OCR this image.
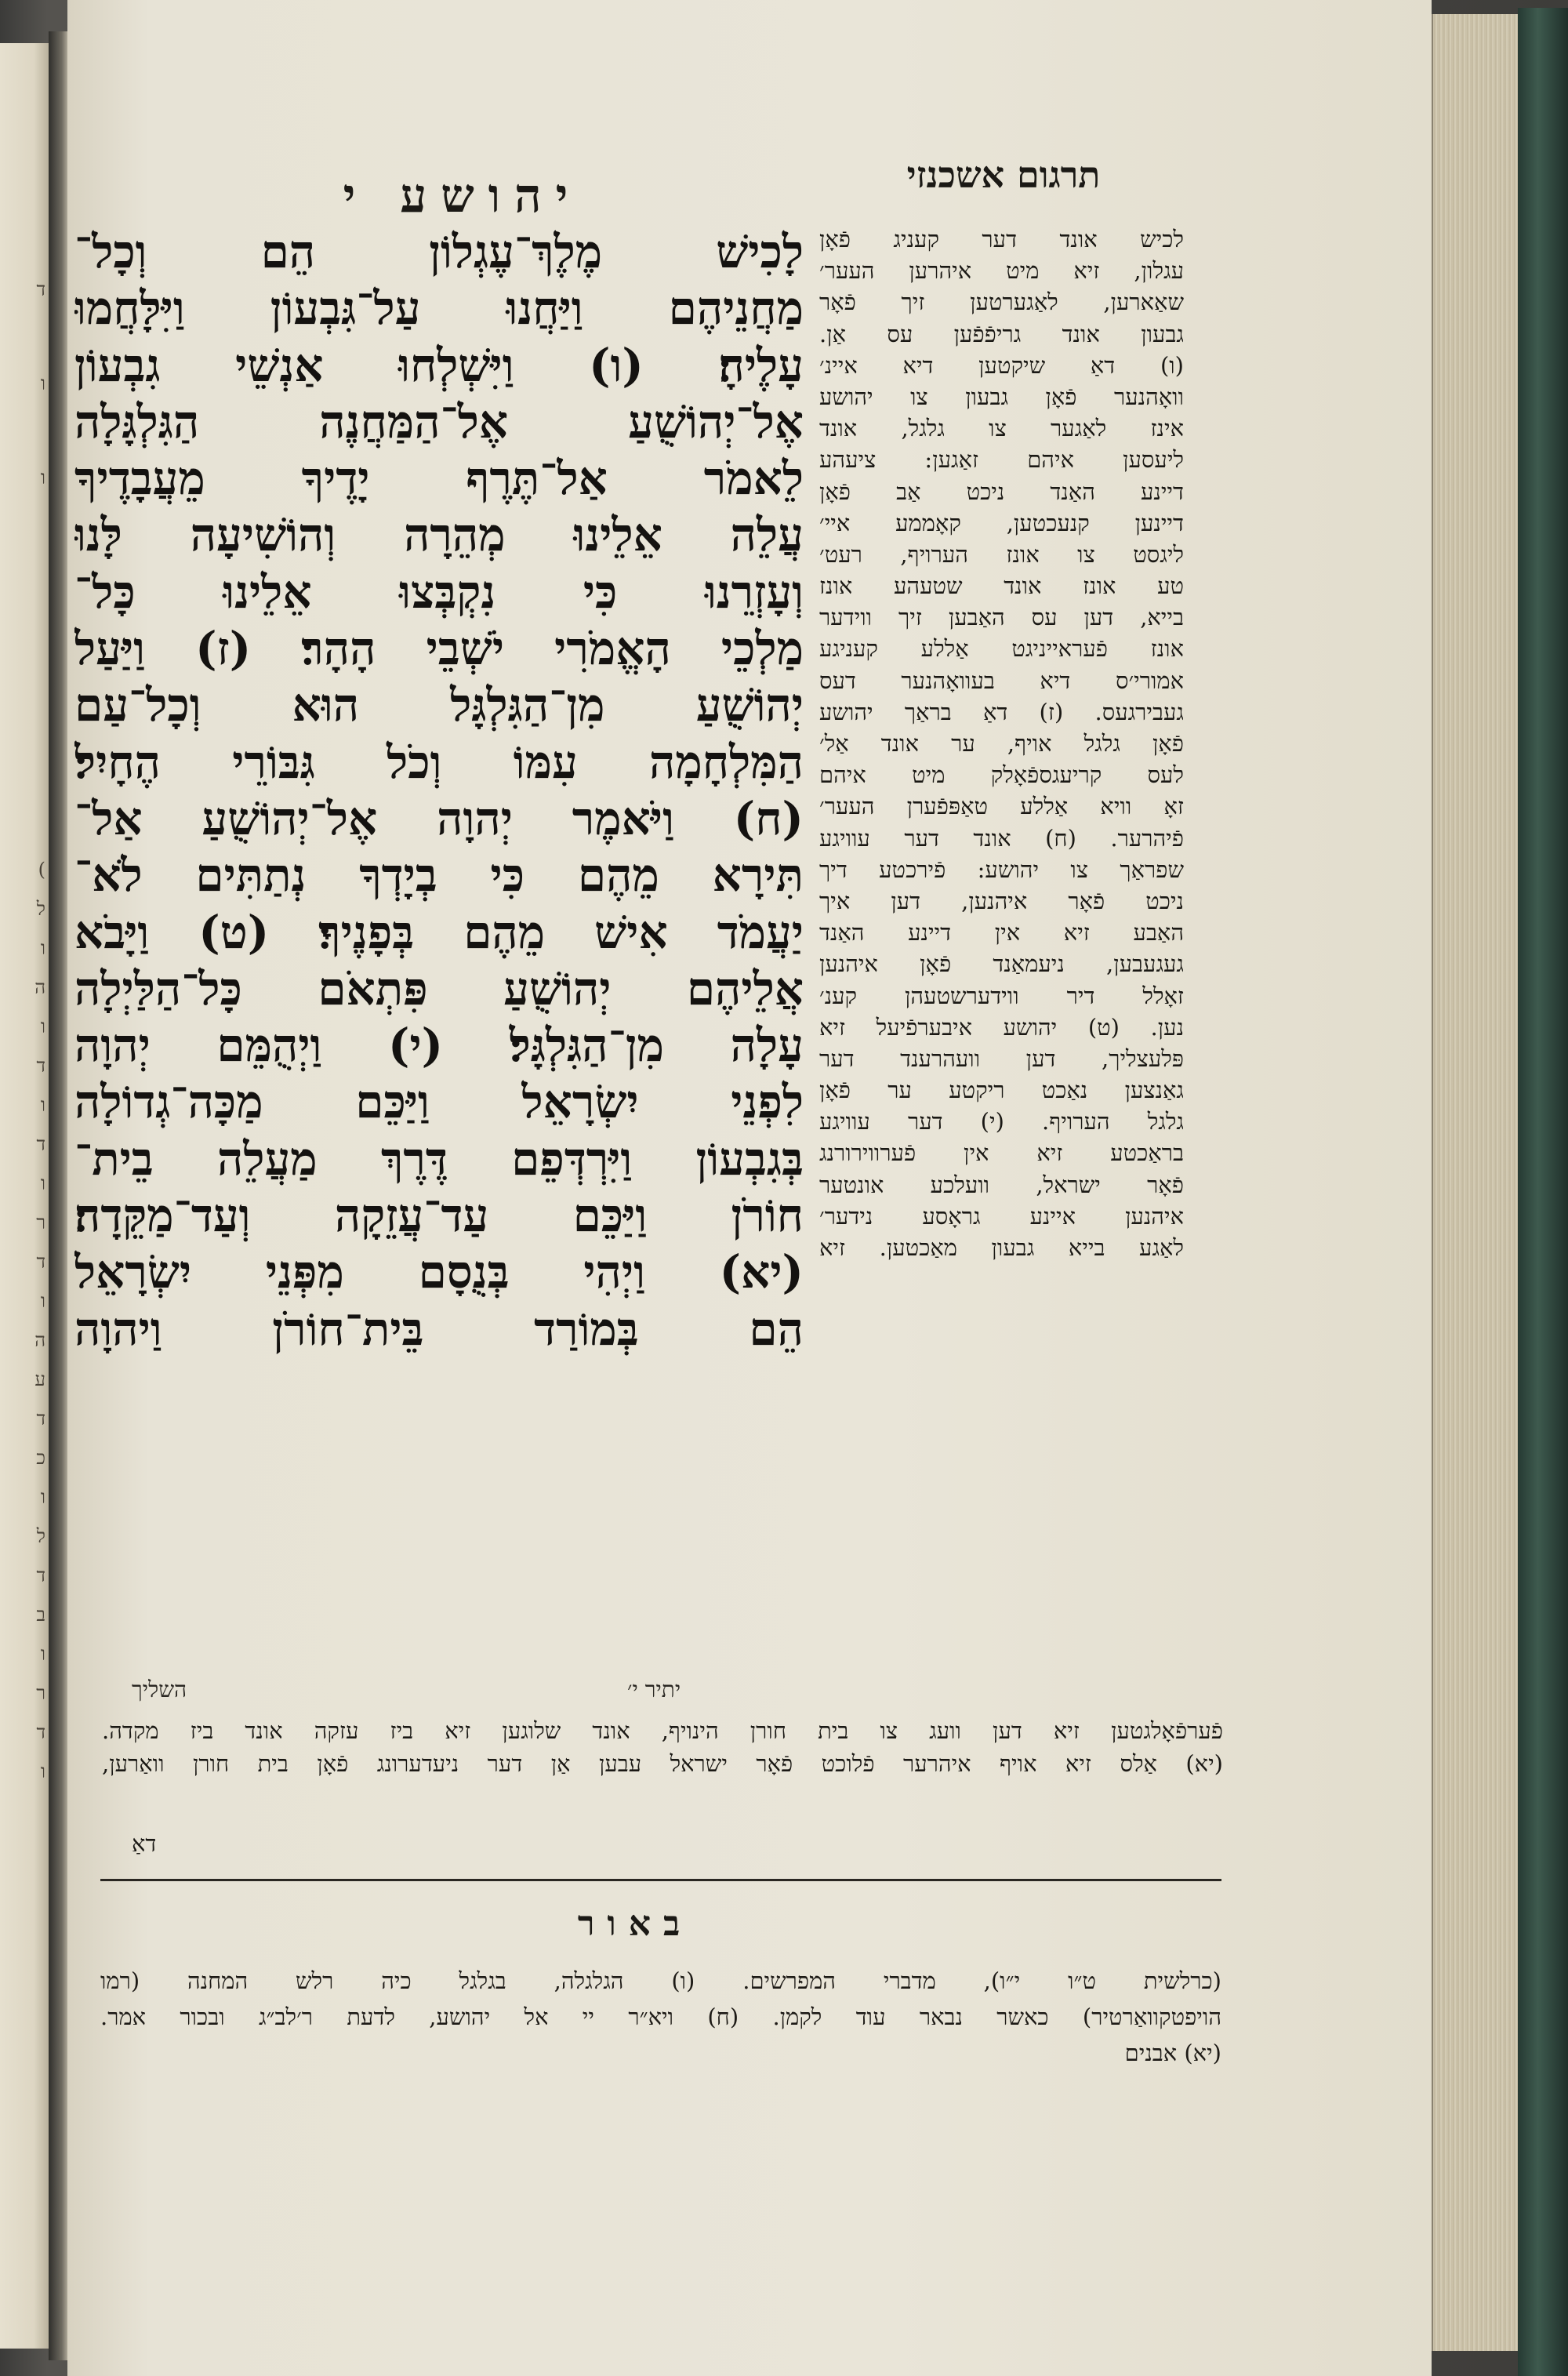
ד
ו
ו
(
ל
ו
ה
ו
ד
ו
ד
ו
ר
ד
ו
ה
ע
ד
כ
ו
ל
ד
ב
ו
ר
ד
ו
תרגום אשכנזי
יהושע י
לָכִישׁ מֶלֶךְ־עֶגְלוֹן הֵם וְכָל־
מַחֲנֵיהֶם וַיַּחֲנוּ עַל־גִּבְעוֹן וַיִּלָּחֲמוּ
עָלֶיהָ׃ (ו) וַיִּשְׁלְחוּ אַנְשֵׁי גִבְעוֹן
אֶל־יְהוֹשֻׁעַ אֶל־הַמַּחֲנֶה הַגִּלְגָּלָה
לֵאמֹר אַל־תֶּרֶף יָדֶיךָ מֵעֲבָדֶיךָ
עֲלֵה אֵלֵינוּ מְהֵרָה וְהוֹשִׁיעָה לָּנוּ
וְעָזְרֵנוּ כִּי נִקְבְּצוּ אֵלֵינוּ כָּל־
מַלְכֵי הָאֱמֹרִי יֹשְׁבֵי הָהָר׃ (ז) וַיַּעַל
יְהוֹשֻׁעַ מִן־הַגִּלְגָּל הוּא וְכָל־עַם
הַמִּלְחָמָה עִמּוֹ וְכֹל גִּבּוֹרֵי הֶחָיִל׃
(ח) וַיֹּאמֶר יְהוָה אֶל־יְהוֹשֻׁעַ אַל־
תִּירָא מֵהֶם כִּי בְיָדְךָ נְתַתִּים לֹא־
יַעֲמֹד אִישׁ מֵהֶם בְּפָנֶיךָ׃ (ט) וַיָּבֹא
אֲלֵיהֶם יְהוֹשֻׁעַ פִּתְאֹם כָּל־הַלַּיְלָה
עָלָה מִן־הַגִּלְגָּל׃ (י) וַיְהֻמֵּם יְהוָה
לִפְנֵי יִשְׂרָאֵל וַיַּכֵּם מַכָּה־גְדוֹלָה
בְּגִבְעוֹן וַיִּרְדְּפֵם דֶּרֶךְ מַעֲלֵה בֵית־
חוֹרֹן וַיַּכֵּם עַד־עֲזֵקָה וְעַד־מַקֵּדָה׃
(יא) וַיְהִי בְּנֻסָם מִפְּנֵי יִשְׂרָאֵל
הֵם בְּמוֹרַד בֵּית־חוֹרֹן וַיהוָה
לכיש אונד דער קעניג פֿאָן
עגלון, זיא מיט איהרען העער׳
שאַארען, לאַגערטען זיך פֿאָר
גבעון אונד גריפֿפֿען עס אַן.
(ו) דאַ שיקטען דיא איינ׳
וואָהנער פֿאָן גבעון צו יהושע
אינז לאַגער צו גלגל, אונד
ליעסען איהם זאַגען: ציעהע
דיינע האַנד ניכט אַב פֿאָן
דיינען קנעכטען, קאָממע איי׳
ליגסט צו אונז הערויף, רעט׳
טע אונז אונד שטעהע אונז
בייא, דען עס האַבען זיך ווידער
אונז פֿעראייניגט אַללע קעניגע
אמורי׳ס דיא בעוואָהנער דעס
געבירגעס. (ז) דאַ בראַך יהושע
פֿאָן גלגל אויף, ער אונד אַל׳
לעס קריעגספֿאָלק מיט איהם
זאָ וויא אַללע טאַפּפֿערן העער׳
פֿיהרער. (ח) אונד דער עוויגע
שפראַך צו יהושע: פֿירכטע דיך
ניכט פֿאָר איהנען, דען איך
האַבע זיא אין דיינע האַנד
געגעבען, ניעמאַנד פֿאָן איהנען
זאָלל דיר ווידערשטעהן קענ׳
נען. (ט) יהושע איבערפֿיעל זיא
פּלעצליך, דען וועהרענד דער
גאַנצען נאַכט ריקטע ער פֿאָן
גלגל הערויף. (י) דער עוויגע
בראַכטע זיא אין פֿערווירורנג
פֿאָר ישראל, וועלכע אונטער
איהנען איינע גראָסע נידער׳
לאַגע בייא גבעון מאַכטען. זיא
יתיר י׳
השליך
פֿערפֿאָלגטען זיא דען וועג צו בית חורן הינויף, אונד שלוגען זיא ביז עזקה אונד ביז מקדה.
(יא) אַלס זיא אויף איהרער פֿלוכט פֿאָר ישראל עבען אַן דער ניעדערונג פֿאָן בית חורן וואַרען,
דאַ
באור
(כרלשית ט״ו י״ו), מדברי המפרשים. (ו) הגלגלה, בגלגל כיה רלש המחנה (רמו
הויפטקוואַרטיר) כאשר נבאר עוד לקמן. (ח) ויא״ר יי אל יהושע, לדעת ר׳לב״ג ובכור אמר.
(יא) אבנים
